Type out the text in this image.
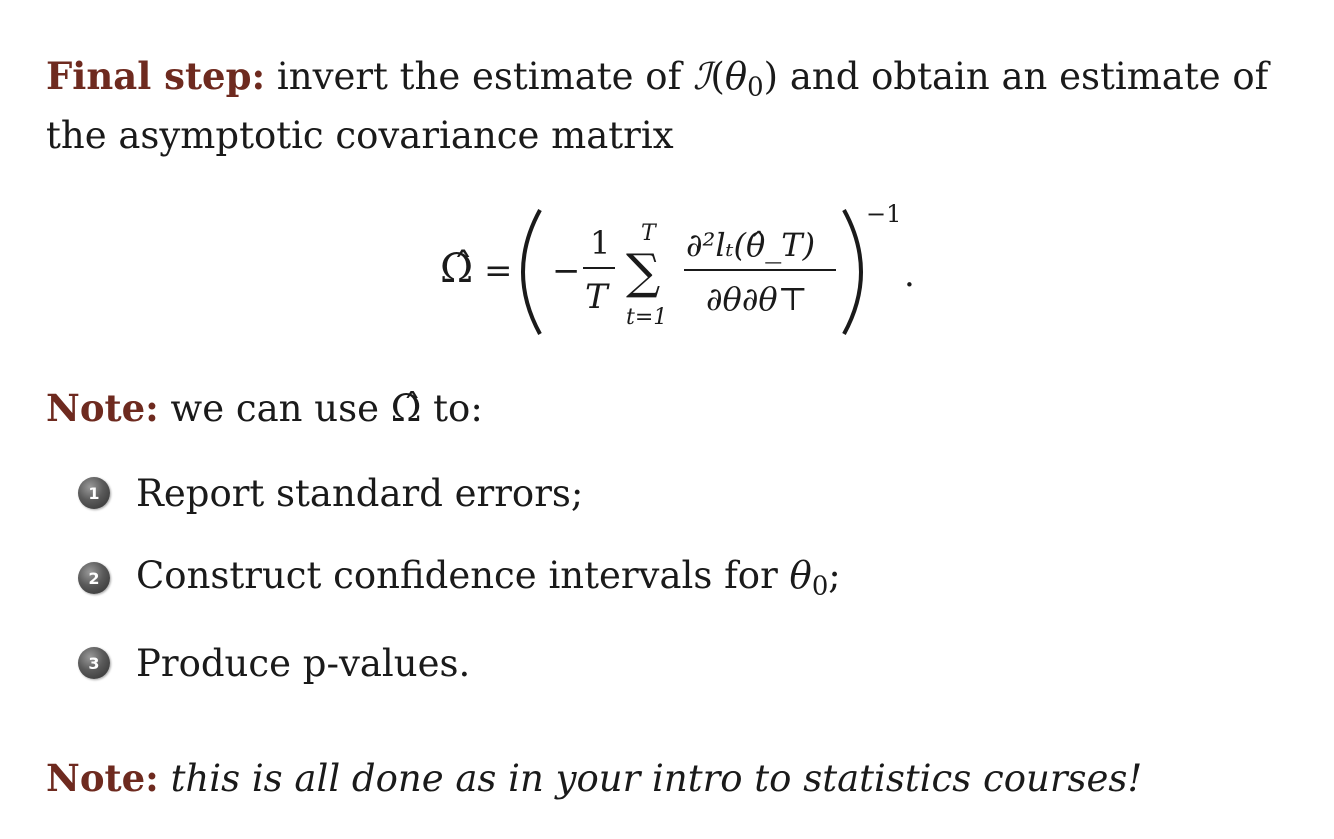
Final step: invert the estimate of $ℐ(\theta_0)$ and obtain an estimate of
the asymptotic covariance matrix
Ω̂ = −
1
T
T
∑
t=1
∂²lₜ(θ̂_T)
∂θ∂θ⊤
−1
.
Note: we can use Ω̂ to:
1 Report standard errors;
2 Construct confidence intervals for $\theta_0$;
3 Produce p-values.
Note: this is all done as in your intro to statistics courses!
